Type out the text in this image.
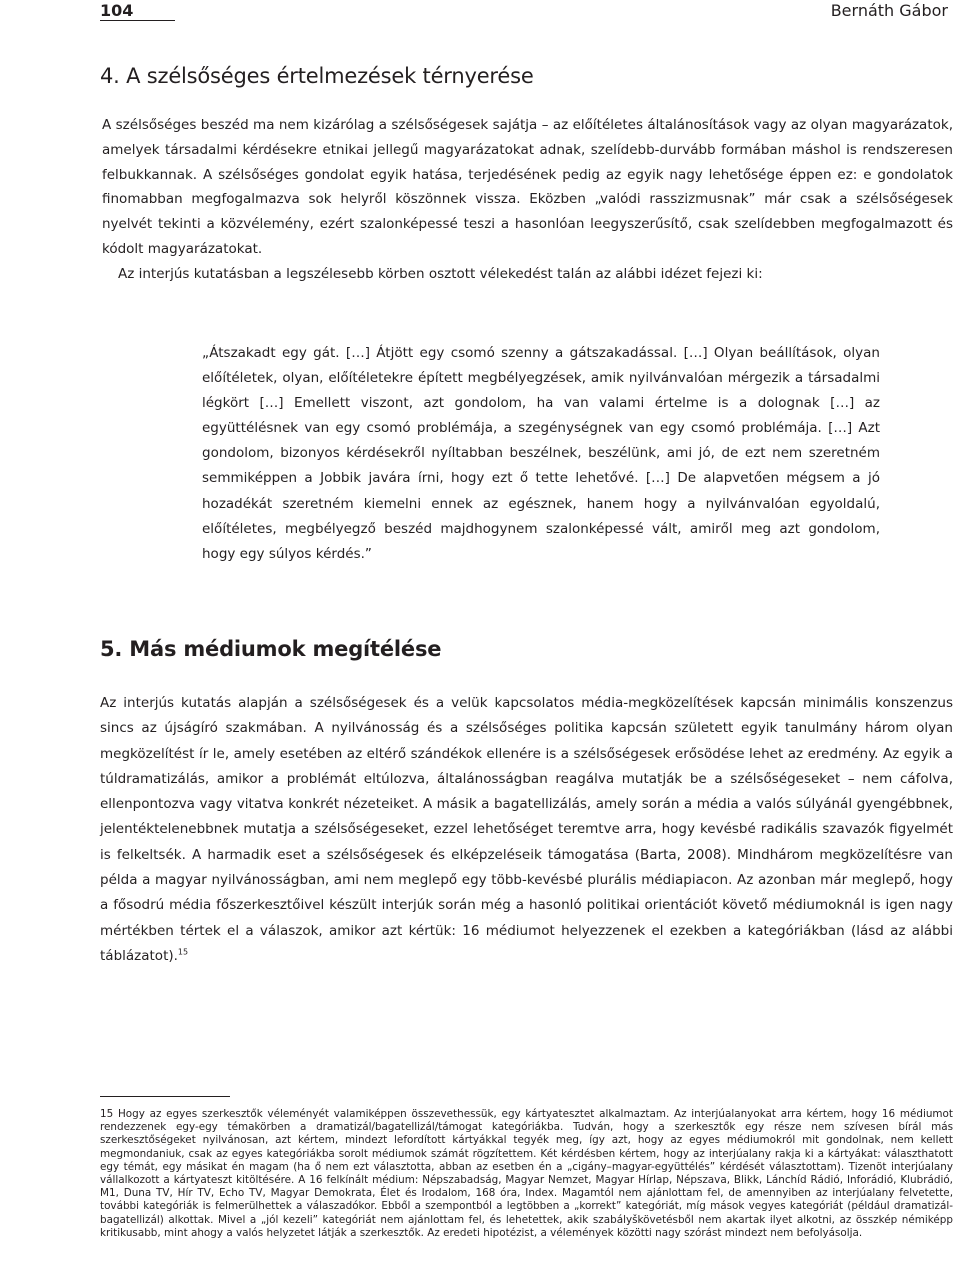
104	Bernáth Gábor
4. A szélsőséges értelmezések térnyerése

A szélsőséges beszéd ma nem kizárólag a szélsőségesek sajátja – az előítéletes általánosítások vagy az olyan magyarázatok, amelyek társadalmi kérdésekre etnikai jellegű magyarázatokat adnak, szelídebb-durvább formában máshol is rendszeresen felbukkannak. A szélsőséges gondolat egyik hatása, terjedésének pedig az egyik nagy lehetősége éppen ez: e gondolatok finomabban megfogalmazva sok helyről köszönnek vissza. Eközben „valódi rasszizmusnak” már csak a szélsőségesek nyelvét tekinti a közvélemény, ezért szalonképessé teszi a hasonlóan leegyszerűsítő, csak szelídebben megfogalmazott és kódolt magyarázatokat.

Az interjús kutatásban a legszélesebb körben osztott vélekedést talán az alábbi idézet fejezi ki:

„Átszakadt egy gát. […] Átjött egy csomó szenny a gátszakadással. […] Olyan beállítások, olyan előítéletek, olyan, előítéletekre épített megbélyegzések, amik nyilvánvalóan mérgezik a társadalmi légkört […] Emellett viszont, azt gondolom, ha van valami értelme is a dolognak […] az együttélésnek van egy csomó problémája, a szegénységnek van egy csomó problémája. […] Azt gondolom, bizonyos kérdésekről nyíltabban beszélnek, beszélünk, ami jó, de ezt nem szeretném semmiképpen a Jobbik javára írni, hogy ezt ő tette lehetővé. […] De alapvetően mégsem a jó hozadékát szeretném kiemelni ennek az egésznek, hanem hogy a nyilvánvalóan egyoldalú, előítéletes, megbélyegző beszéd majdhogynem szalonképessé vált, amiről meg azt gondolom, hogy egy súlyos kérdés.”
5. Más médiumok megítélése

Az interjús kutatás alapján a szélsőségesek és a velük kapcsolatos média-megközelítések kapcsán minimális konszenzus sincs az újságíró szakmában. A nyilvánosság és a szélsőséges politika kapcsán született egyik tanulmány három olyan megközelítést ír le, amely esetében az eltérő szándékok ellenére is a szélsőségesek erősödése lehet az eredmény. Az egyik a túldramatizálás, amikor a problémát eltúlozva, általánosságban reagálva mutatják be a szélsőségeseket – nem cáfolva, ellenpontozva vagy vitatva konkrét nézeteiket. A másik a bagatellizálás, amely során a média a valós súlyánál gyengébbnek, jelentéktelenebbnek mutatja a szélsőségeseket, ezzel lehetőséget teremtve arra, hogy kevésbé radikális szavazók figyelmét is felkeltsék. A harmadik eset a szélsőségesek és elképzeléseik támogatása (Barta, 2008). Mindhárom megközelítésre van példa a magyar nyilvánosságban, ami nem meglepő egy több-kevésbé plurális médiapiacon. Az azonban már meglepő, hogy a fősodrú média főszerkesztőivel készült interjúk során még a hasonló politikai orientációt követő médiumoknál is igen nagy mértékben tértek el a válaszok, amikor azt kértük: 16 médiumot helyezzenek el ezekben a kategóriákban (lásd az alábbi táblázatot).$^{15}$

15 Hogy az egyes szerkesztők véleményét valamiképpen összevethessük, egy kártyatesztet alkalmaztam. Az interjúalanyokat arra kértem, hogy 16 médiumot rendezzenek egy-egy témakörben a dramatizál/bagatellizál/támogat kategóriákba. Tudván, hogy a szerkesztők egy része nem szívesen bírál más szerkesztőségeket nyilvánosan, azt kértem, mindezt lefordított kártyákkal tegyék meg, így azt, hogy az egyes médiumokról mit gondolnak, nem kellett megmondaniuk, csak az egyes kategóriákba sorolt médiumok számát rögzítettem. Két kérdésben kértem, hogy az interjúalany rakja ki a kártyákat: választhatott egy témát, egy másikat én magam (ha ő nem ezt választotta, abban az esetben én a „cigány–magyar-együttélés” kérdését választottam). Tizenöt interjúalany vállalkozott a kártyateszt kitöltésére. A 16 felkínált médium: Népszabadság, Magyar Nemzet, Magyar Hírlap, Népszava, Blikk, Lánchíd Rádió, Inforádió, Klubrádió, M1, Duna TV, Hír TV, Echo TV, Magyar Demokrata, Élet és Irodalom, 168 óra, Index. Magamtól nem ajánlottam fel, de amennyiben az interjúalany felvetette, további kategóriák is felmerülhettek a válaszadókor. Ebből a szempontból a legtöbben a „korrekt” kategóriát, míg mások vegyes kategóriát (például dramatizál-bagatellizál) alkottak. Mivel a „jól kezeli” kategóriát nem ajánlottam fel, és lehetettek, akik szabályškövetésből nem akartak ilyet alkotni, az összkép némiképp kritikusabb, mint ahogy a valós helyzetet látják a szerkesztők. Az eredeti hipotézist, a vélemények közötti nagy szórást mindezt nem befolyásolja.
